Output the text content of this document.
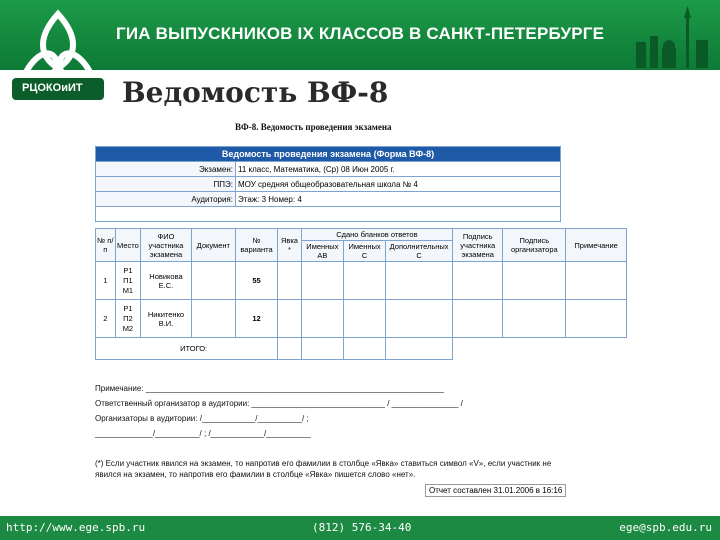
РЦОКОиИТ
ГИА ВЫПУСКНИКОВ IX КЛАССОВ В САНКТ-ПЕТЕРБУРГЕ
Ведомость ВФ-8
ВФ-8. Ведомость проведения экзамена
Ведомость проведения экзамена (Форма ВФ-8)	
Экзамен:	11 класс, Математика, (Ср) 08 Июн 2005 г.
ППЭ:	МОУ средняя общеобразовательная школа № 4
Аудитория:	Этаж: 3 Номер: 4

№ п/п	Место	ФИО участника экзамена	Документ	№ варианта	Явка *	Сдано бланков ответов			Подпись участника экзамена	Подпись организатора	Примечание
						Именных АВ	Именных С	Дополнительных С			
1	Р1
П1
М1	Новикова Е.С.		55							
2	Р1
П2
М2	Никитенко В.И.		12							
ИТОГО:											
Примечание: ___________________________________________________________________
Ответственный организатор в аудитории: ______________________________ / _______________ /
Организаторы в аудитории: /____________/__________/ ;
_____________/__________/ ; /____________/__________
(*) Если участник явился на экзамен, то напротив его фамилии в столбце «Явка» ставиться символ «V», если участник не явился на экзамен, то напротив его фамилии в столбце «Явка» пишется слово «нет».
Отчет составлен 31.01.2006 в 16:16
http://www.ege.spb.ru	(812) 576-34-40	ege@spb.edu.ru
